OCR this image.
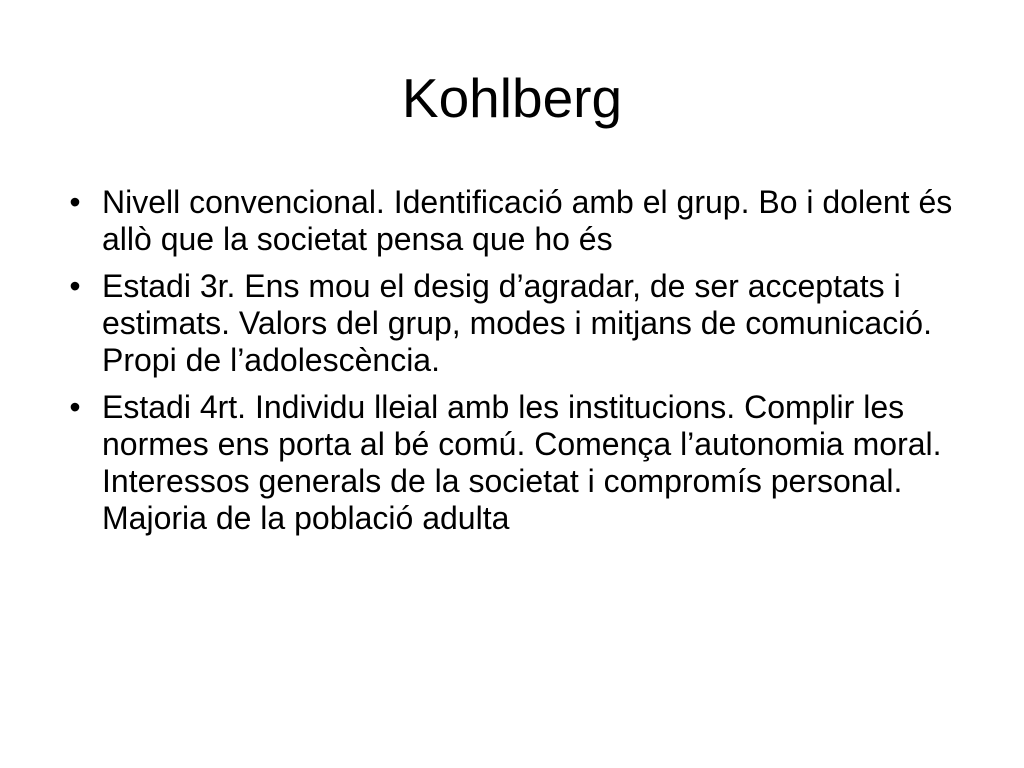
Kohlberg
• Nivell convencional. Identificació amb el grup. Bo i dolent és allò que la societat pensa que ho és
• Estadi 3r. Ens mou el desig d’agradar, de ser acceptats i estimats. Valors del grup, modes i mitjans de comunicació. Propi de l’adolescència.
• Estadi 4rt. Individu lleial amb les institucions. Complir les normes ens porta al bé comú. Comença l’autonomia moral. Interessos generals de la societat i compromís personal. Majoria de la població adulta
